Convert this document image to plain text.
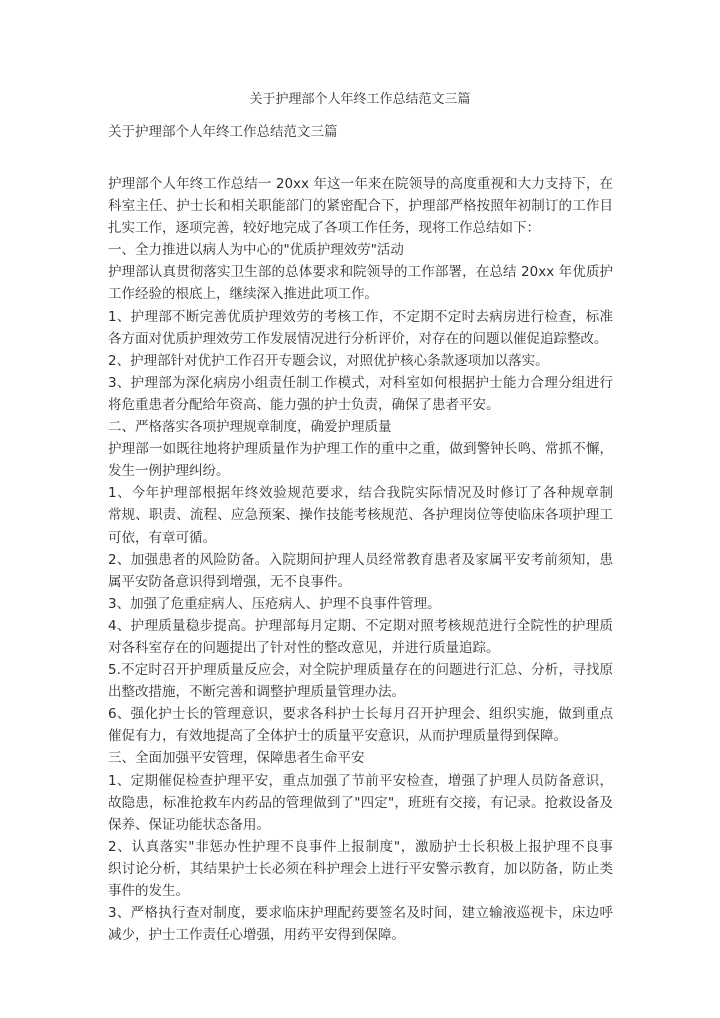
关于护理部个人年终工作总结范文三篇
关于护理部个人年终工作总结范文三篇
护理部个人年终工作总结一 20xx 年这一年来在院领导的高度重视和大力支持下，在
科室主任、护士长和相关职能部门的紧密配合下，护理部严格按照年初制订的工作目
扎实工作，逐项完善，较好地完成了各项工作任务，现将工作总结如下：
一、全力推进以病人为中心的"优质护理效劳"活动
护理部认真贯彻落实卫生部的总体要求和院领导的工作部署，在总结 20xx 年优质护
工作经验的根底上，继续深入推进此项工作。
1、护理部不断完善优质护理效劳的考核工作，不定期不定时去病房进行检查，标准
各方面对优质护理效劳工作发展情况进行分析评价，对存在的问题以催促追踪整改。
2、护理部针对优护工作召开专题会议，对照优护核心条款逐项加以落实。
3、护理部为深化病房小组责任制工作模式，对科室如何根据护士能力合理分组进行
将危重患者分配给年资高、能力强的护士负责，确保了患者平安。
二、严格落实各项护理规章制度，确爱护理质量
护理部一如既往地将护理质量作为护理工作的重中之重，做到警钟长鸣、常抓不懈，
发生一例护理纠纷。
1、今年护理部根据年终效验规范要求，结合我院实际情况及时修订了各种规章制
常规、职责、流程、应急预案、操作技能考核规范、各护理岗位等使临床各项护理工
可依，有章可循。
2、加强患者的风险防备。入院期间护理人员经常教育患者及家属平安考前须知，患
属平安防备意识得到增强，无不良事件。
3、加强了危重症病人、压疮病人、护理不良事件管理。
4、护理质量稳步提高。护理部每月定期、不定期对照考核规范进行全院性的护理质
对各科室存在的问题提出了针对性的整改意见，并进行质量追踪。
5.不定时召开护理质量反应会，对全院护理质量存在的问题进行汇总、分析，寻找原
出整改措施，不断完善和调整护理质量管理办法。
6、强化护士长的管理意识，要求各科护士长每月召开护理会、组织实施，做到重点
催促有力，有效地提高了全体护士的质量平安意识，从而护理质量得到保障。
三、全面加强平安管理，保障患者生命平安
1、定期催促检查护理平安，重点加强了节前平安检查，增强了护理人员防备意识，
故隐患，标准抢救车内药品的管理做到了"四定"，班班有交接，有记录。抢救设备及
保养、保证功能状态备用。
2、认真落实"非惩办性护理不良事件上报制度"，激励护士长积极上报护理不良事
织讨论分析，其结果护士长必须在科护理会上进行平安警示教育，加以防备，防止类
事件的发生。
3、严格执行查对制度，要求临床护理配药要签名及时间，建立输液巡视卡，床边呼
减少，护士工作责任心增强，用药平安得到保障。
